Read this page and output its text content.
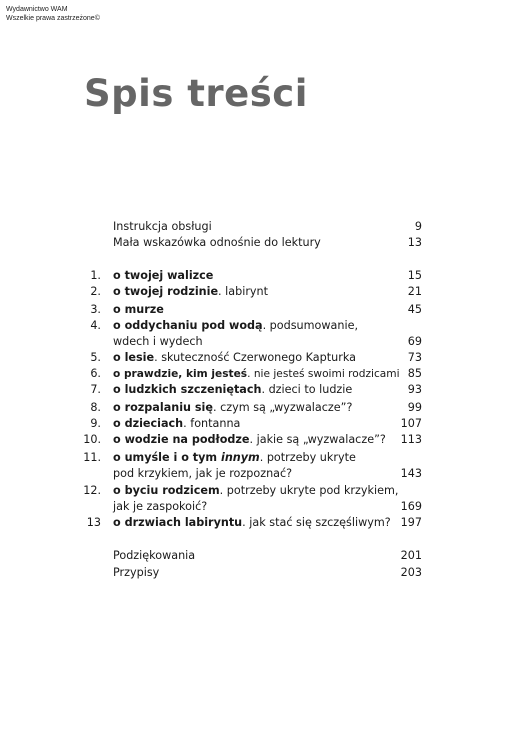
Wydawnictwo WAM
Wszelkie prawa zastrzeżone©
Spis treści
Instrukcja obsługi	9
Mała wskazówka odnośnie do lektury	13
1. o twojej walizce	15
2. o twojej rodzinie. labirynt	21
3. o murze	45
4. o oddychaniu pod wodą. podsumowanie,
wdech i wydech	69
5. o lesie. skuteczność Czerwonego Kapturka	73
6. o prawdzie, kim jesteś. nie jesteś swoimi rodzicami 85
7. o ludzkich szczeniętach. dzieci to ludzie	93
8. o rozpalaniu się. czym są „wyzwalacze”?	99
9. o dzieciach. fontanna	107
10. o wodzie na podłodze. jakie są „wyzwalacze”? 113
11. o umyśle i o tym innym. potrzeby ukryte
pod krzykiem, jak je rozpoznać?	143
12. o byciu rodzicem. potrzeby ukryte pod krzykiem,
jak je zaspokoić?	169
13 o drzwiach labiryntu. jak stać się szczęśliwym? 197
Podziękowania	201
Przypisy	203
